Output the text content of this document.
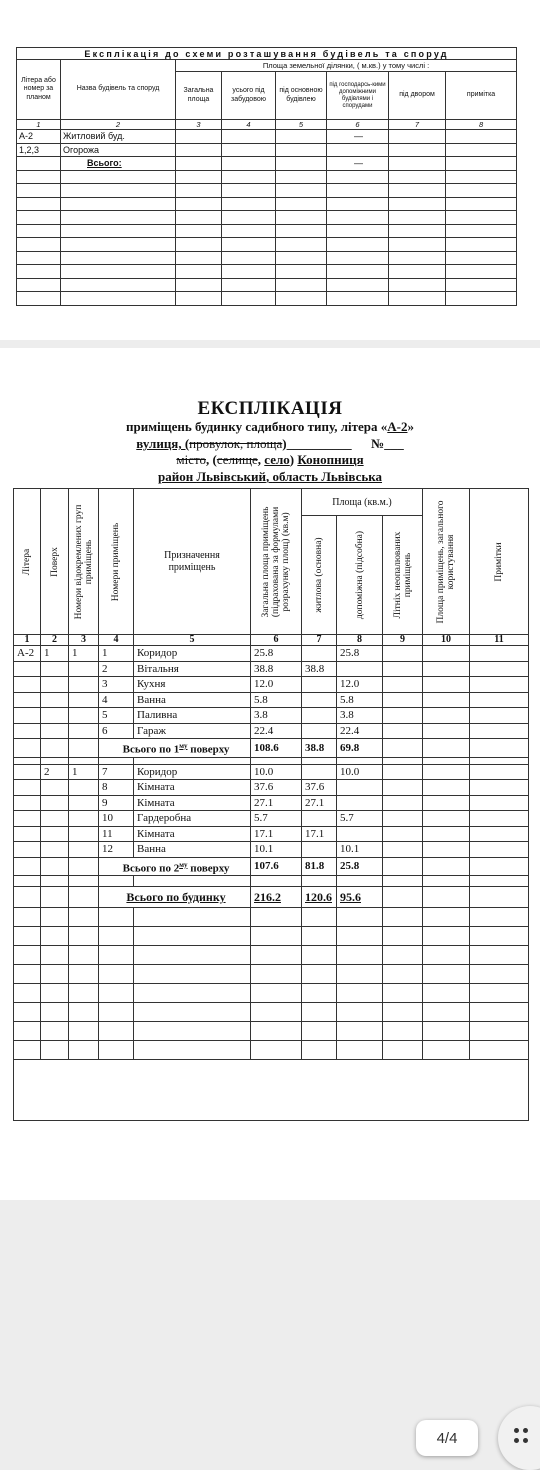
Експлікація до схеми розташування будівель та споруд							
Літера або номер за планом	Назва будівель та споруд	Площа земельної ділянки, ( м.кв.) у тому числі :					
		Загальна площа	усього під забудовою	під основною будівлею	під господарсь-кими допоміжними будівлями і спорудами	під двором	примітка
1	2	3	4	5	6	7	8
А-2	Житловий буд.				—		
1,2,3	Огорожа						
	Всього:				—		

ЕКСПЛІКАЦІЯ
приміщень будинку садибного типу, літера «А-2»
вулиця, (провулок, площа)__________ №___
місто, (селище, село) Конопниця
район Львівський, область Львівська
Літера	Поверх	Номери відокремлених груп приміщень	Номери приміщень	Призначення приміщень	Загальна площа приміщень (підрахована за формулами розрахунку площ) (кв.м)	Площа (кв.м.)			Площа приміщень, загального користування	Примітки

						житлова (основна)	допоміжна (підсобна)	Літніх неопалюваних приміщень		

1	2	3	4	5	6	7	8	9	10	11
А-2	1	1	1	Коридор	25.8		25.8			
			2	Вітальня	38.8	38.8				
			3	Кухня	12.0		12.0			
			4	Ванна	5.8		5.8			
			5	Паливна	3.8		3.8			
			6	Гараж	22.4		22.4			
			Всього по $1^{му}$ поверху		108.6	38.8	69.8			

	2	1	7	Коридор	10.0		10.0			
			8	Кімната	37.6	37.6				
			9	Кімната	27.1	27.1				
			10	Гардеробна	5.7		5.7			
			11	Кімната	17.1	17.1				
			12	Ванна	10.1		10.1			
			Всього по $2^{му}$ поверху		107.6	81.8	25.8			

			Всього по будинку		216.2	120.6	95.6			

4/4
